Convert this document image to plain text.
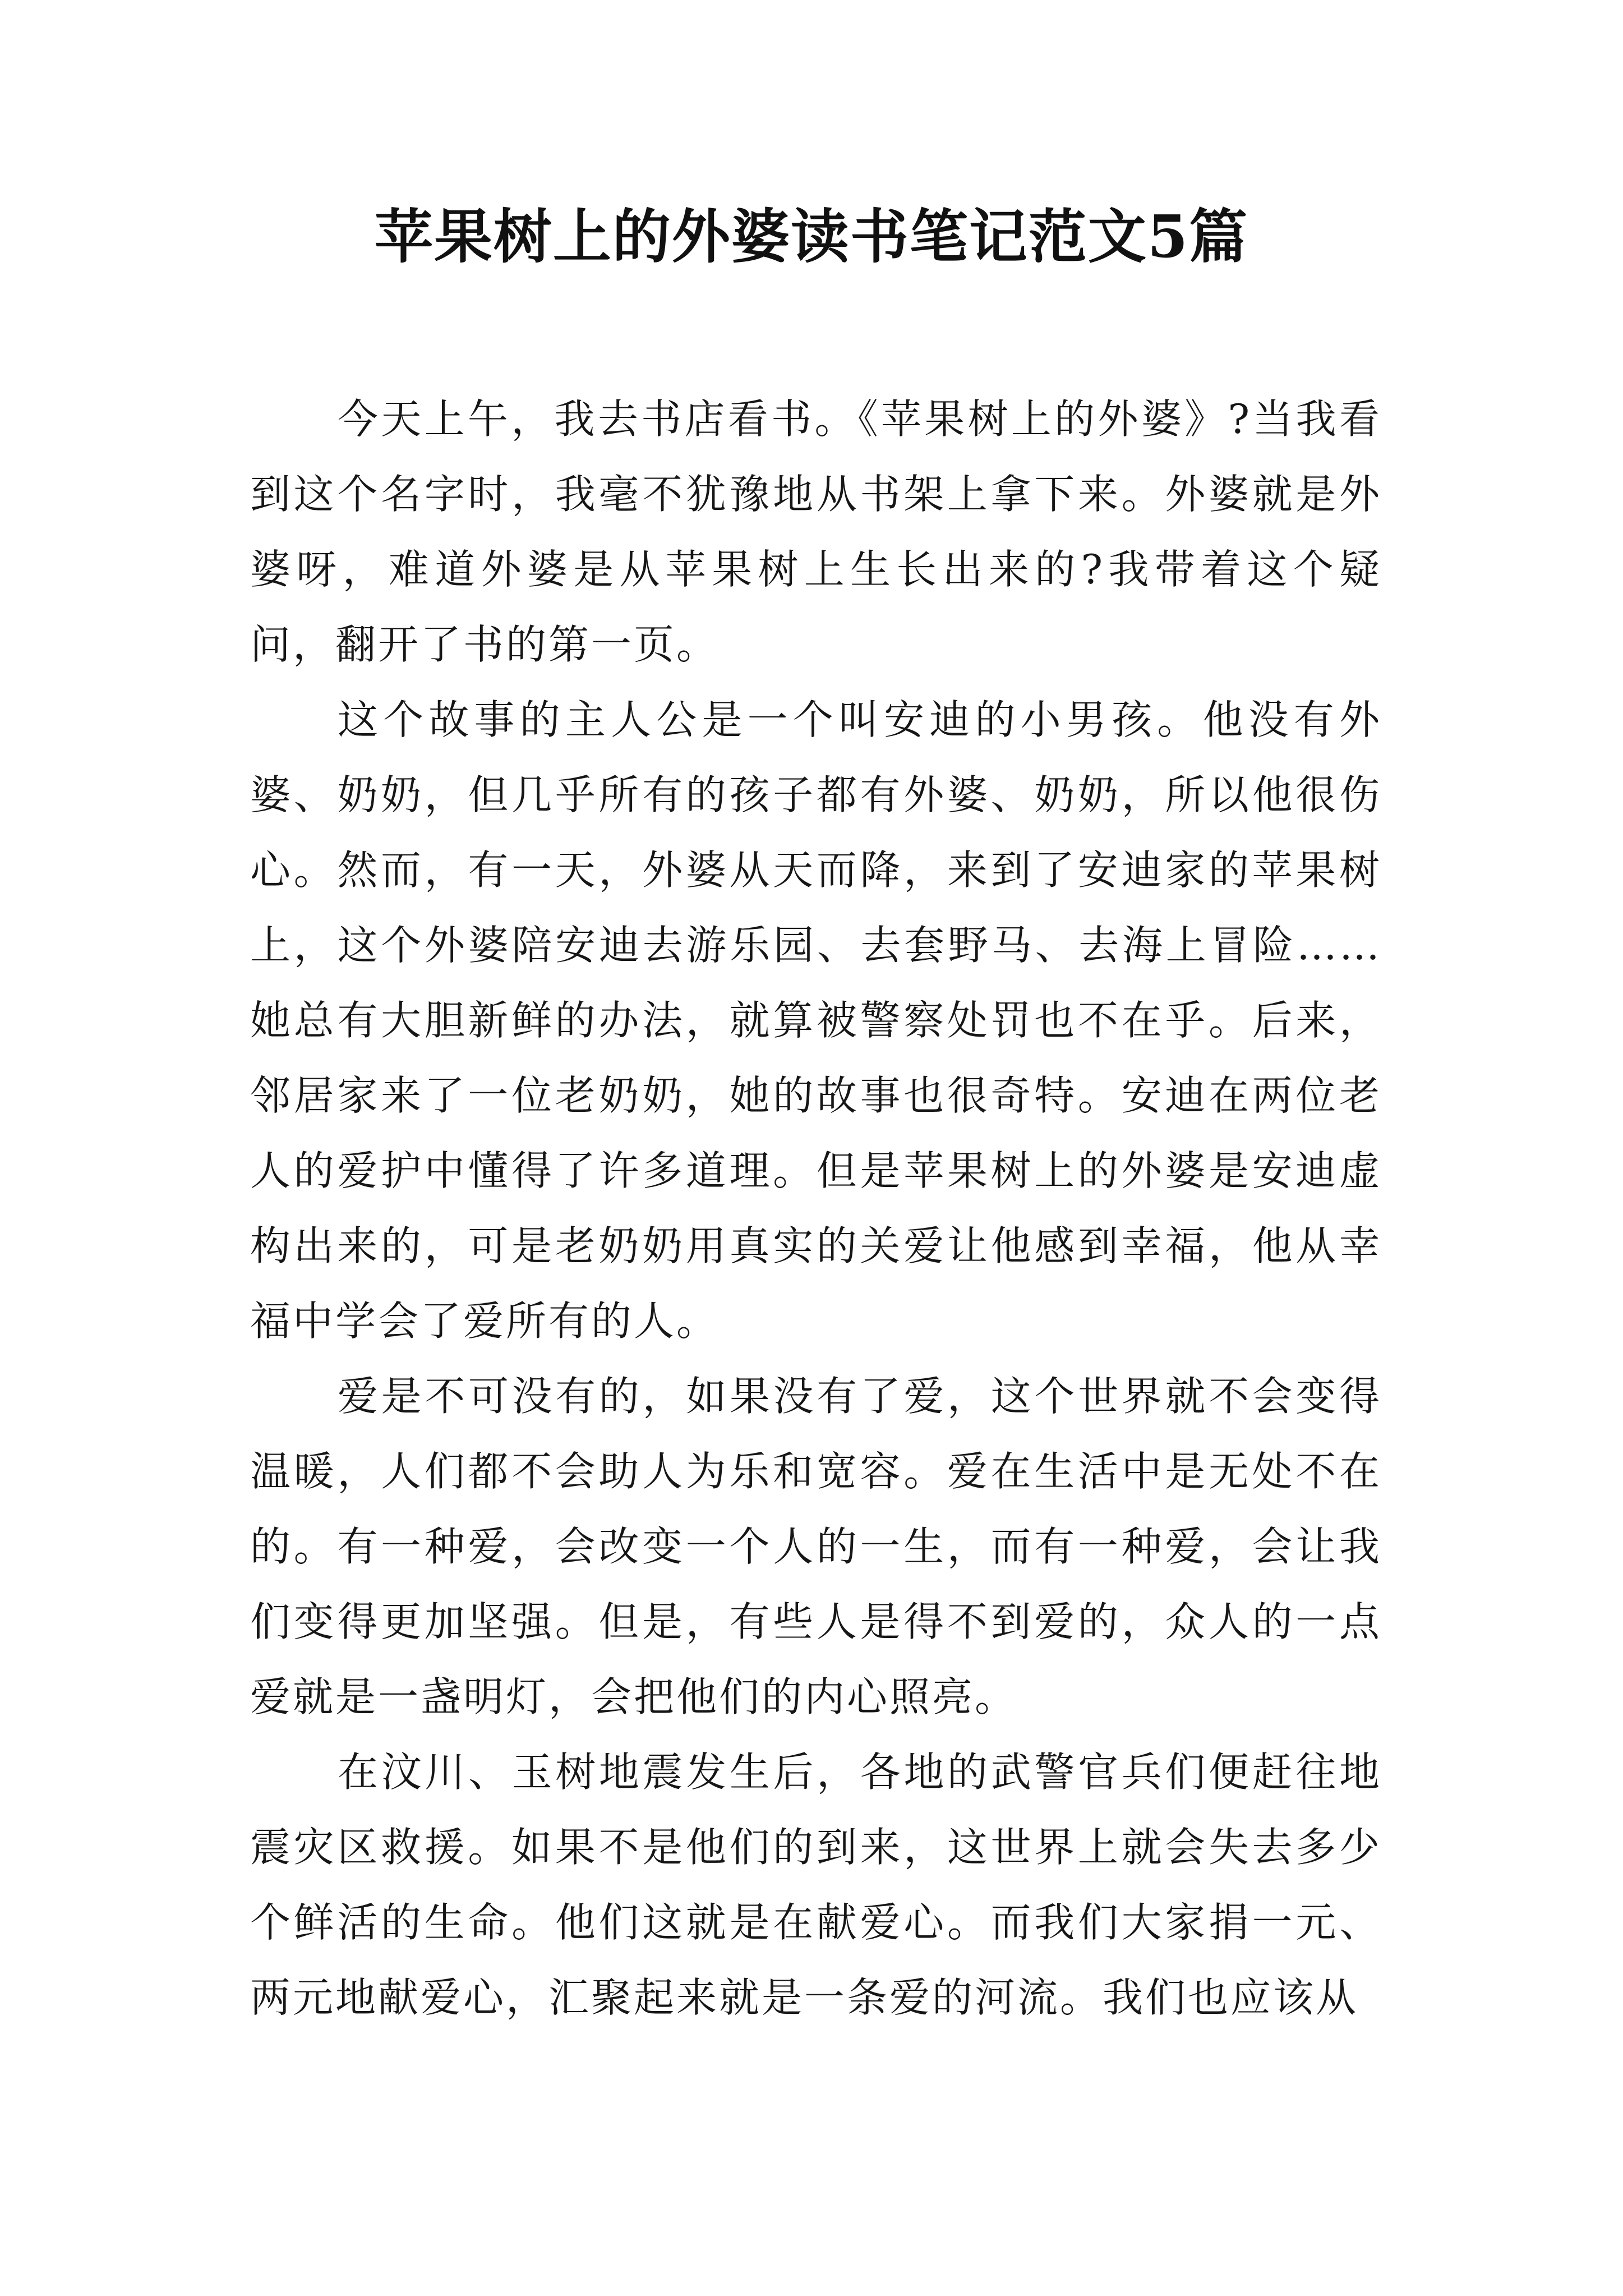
苹果树上的外婆读书笔记范文5篇

今天上午，我去书店看书。《苹果树上的外婆》?当我看到这个名字时，我毫不犹豫地从书架上拿下来。外婆就是外婆呀，难道外婆是从苹果树上生长出来的?我带着这个疑问，翻开了书的第一页。

这个故事的主人公是一个叫安迪的小男孩。他没有外婆、奶奶，但几乎所有的孩子都有外婆、奶奶，所以他很伤心。然而，有一天，外婆从天而降，来到了安迪家的苹果树上，这个外婆陪安迪去游乐园、去套野马、去海上冒险……她总有大胆新鲜的办法，就算被警察处罚也不在乎。后来，邻居家来了一位老奶奶，她的故事也很奇特。安迪在两位老人的爱护中懂得了许多道理。但是苹果树上的外婆是安迪虚构出来的，可是老奶奶用真实的关爱让他感到幸福，他从幸福中学会了爱所有的人。

爱是不可没有的，如果没有了爱，这个世界就不会变得温暖，人们都不会助人为乐和宽容。爱在生活中是无处不在的。有一种爱，会改变一个人的一生，而有一种爱，会让我们变得更加坚强。但是，有些人是得不到爱的，众人的一点爱就是一盏明灯，会把他们的内心照亮。

在汶川、玉树地震发生后，各地的武警官兵们便赶往地震灾区救援。如果不是他们的到来，这世界上就会失去多少个鲜活的生命。他们这就是在献爱心。而我们大家捐一元、两元地献爱心，汇聚起来就是一条爱的河流。我们也应该从
